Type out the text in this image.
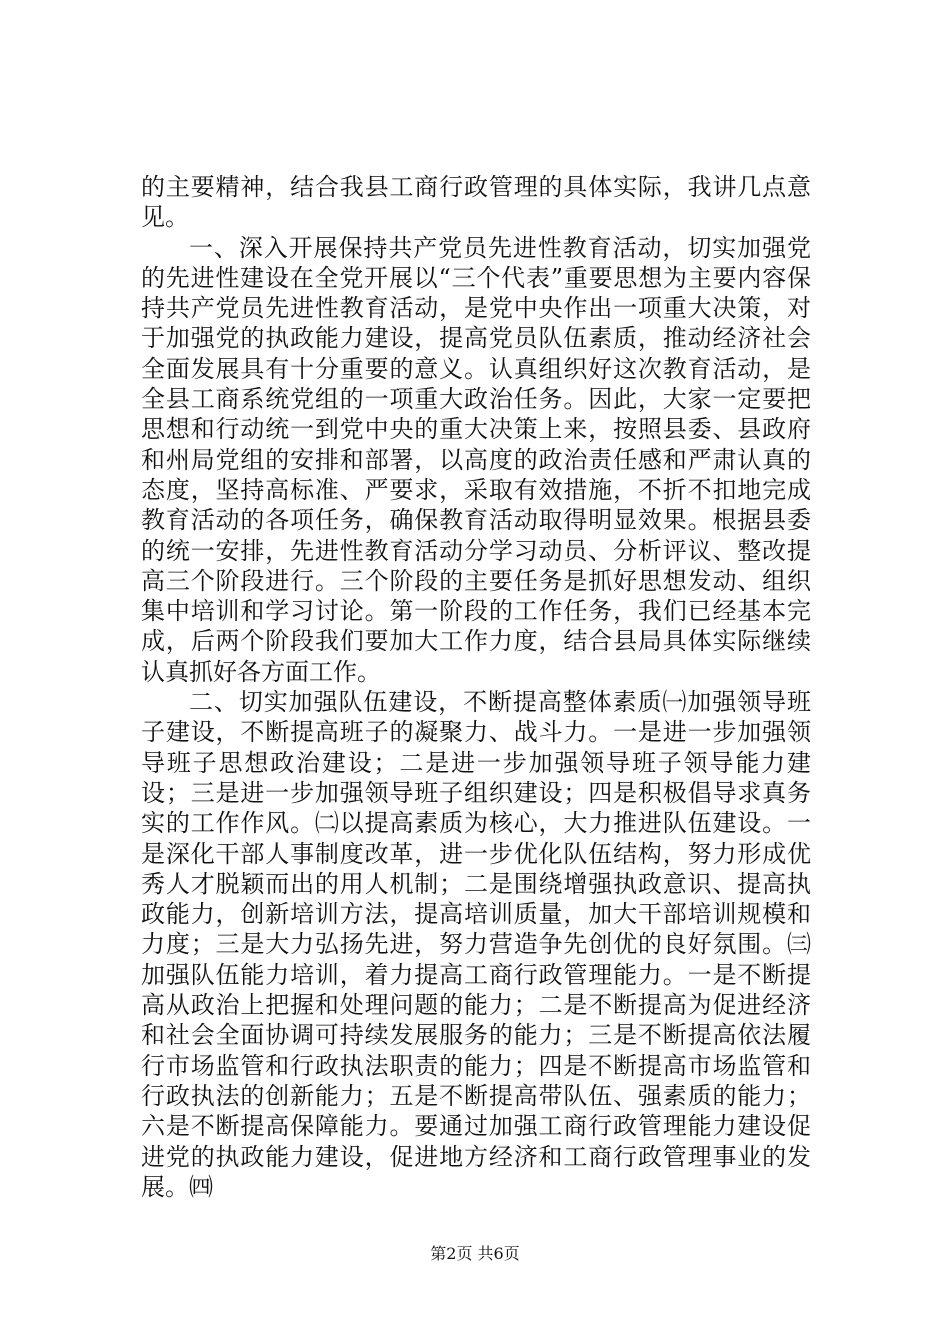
的主要精神，结合我县工商行政管理的具体实际，我讲几点意见。

一、深入开展保持共产党员先进性教育活动，切实加强党的先进性建设在全党开展以“三个代表”重要思想为主要内容保持共产党员先进性教育活动，是党中央作出一项重大决策，对于加强党的执政能力建设，提高党员队伍素质，推动经济社会全面发展具有十分重要的意义。认真组织好这次教育活动，是全县工商系统党组的一项重大政治任务。因此，大家一定要把思想和行动统一到党中央的重大决策上来，按照县委、县政府和州局党组的安排和部署，以高度的政治责任感和严肃认真的态度，坚持高标准、严要求，采取有效措施，不折不扣地完成教育活动的各项任务，确保教育活动取得明显效果。根据县委的统一安排，先进性教育活动分学习动员、分析评议、整改提高三个阶段进行。三个阶段的主要任务是抓好思想发动、组织集中培训和学习讨论。第一阶段的工作任务，我们已经基本完成，后两个阶段我们要加大工作力度，结合县局具体实际继续认真抓好各方面工作。

二、切实加强队伍建设，不断提高整体素质㈠加强领导班子建设，不断提高班子的凝聚力、战斗力。一是进一步加强领导班子思想政治建设；二是进一步加强领导班子领导能力建设；三是进一步加强领导班子组织建设；四是积极倡导求真务实的工作作风。㈡以提高素质为核心，大力推进队伍建设。一是深化干部人事制度改革，进一步优化队伍结构，努力形成优秀人才脱颖而出的用人机制；二是围绕增强执政意识、提高执政能力，创新培训方法，提高培训质量，加大干部培训规模和力度；三是大力弘扬先进，努力营造争先创优的良好氛围。㈢加强队伍能力培训，着力提高工商行政管理能力。一是不断提高从政治上把握和处理问题的能力；二是不断提高为促进经济和社会全面协调可持续发展服务的能力；三是不断提高依法履行市场监管和行政执法职责的能力；四是不断提高市场监管和行政执法的创新能力；五是不断提高带队伍、强素质的能力；六是不断提高保障能力。要通过加强工商行政管理能力建设促进党的执政能力建设，促进地方经济和工商行政管理事业的发展。㈣

第2页 共6页
